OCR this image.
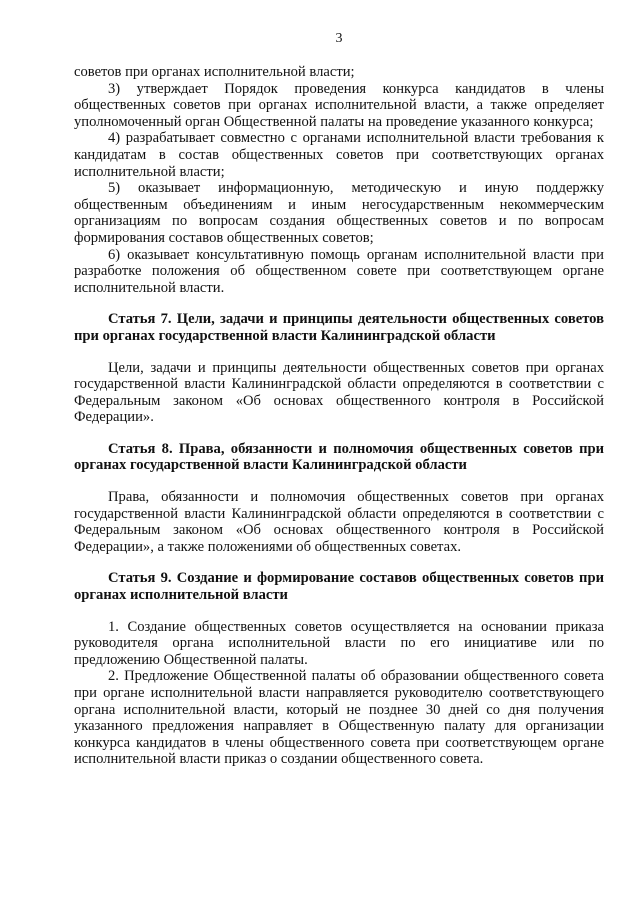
3

советов при органах исполнительной власти;

3) утверждает Порядок проведения конкурса кандидатов в члены общественных советов при органах исполнительной власти, а также определяет уполномоченный орган Общественной палаты на проведение указанного конкурса;

4) разрабатывает совместно с органами исполнительной власти требования к кандидатам в состав общественных советов при соответствующих органах исполнительной власти;

5) оказывает информационную, методическую и иную поддержку общественным объединениям и иным негосударственным некоммерческим организациям по вопросам создания общественных советов и по вопросам формирования составов общественных советов;

6) оказывает консультативную помощь органам исполнительной власти при разработке положения об общественном совете при соответствующем органе исполнительной власти.

Статья 7. Цели, задачи и принципы деятельности общественных советов при органах государственной власти Калининградской области

Цели, задачи и принципы деятельности общественных советов при органах государственной власти Калининградской области определяются в соответствии с Федеральным законом «Об основах общественного контроля в Российской Федерации».

Статья 8. Права, обязанности и полномочия общественных советов при органах государственной власти Калининградской области

Права, обязанности и полномочия общественных советов при органах государственной власти Калининградской области определяются в соответствии с Федеральным законом «Об основах общественного контроля в Российской Федерации», а также положениями об общественных советах.

Статья 9. Создание и формирование составов общественных советов при органах исполнительной власти

1. Создание общественных советов осуществляется на основании приказа руководителя органа исполнительной власти по его инициативе или по предложению Общественной палаты.

2. Предложение Общественной палаты об образовании общественного совета при органе исполнительной власти направляется руководителю соответствующего органа исполнительной власти, который не позднее 30 дней со дня получения указанного предложения направляет в Общественную палату для организации конкурса кандидатов в члены общественного совета при соответствующем органе исполнительной власти приказ о создании общественного совета.
